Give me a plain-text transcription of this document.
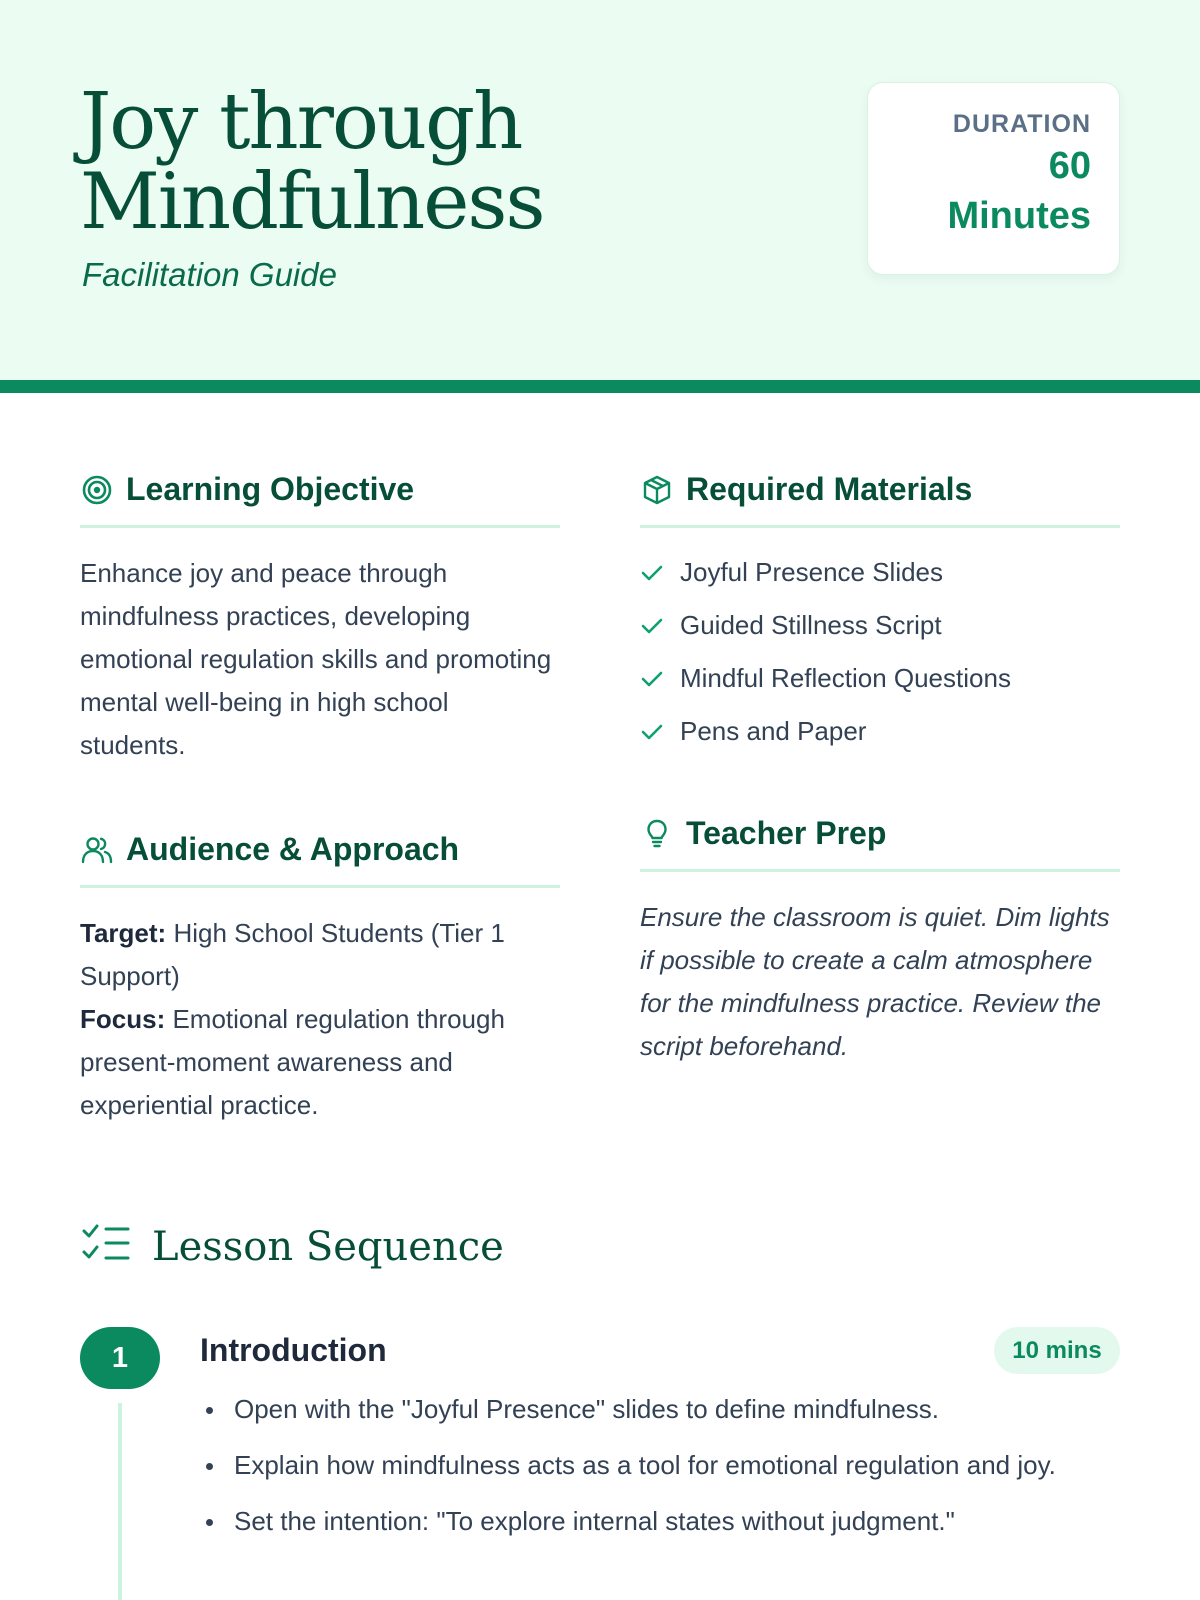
Joy through
Mindfulness
Facilitation Guide
DURATION
60
Minutes
Learning Objective

Enhance joy and peace through mindfulness practices, developing emotional regulation skills and promoting mental well-being in high school students.

Required Materials
Joyful Presence Slides
Guided Stillness Script
Mindful Reflection Questions
Pens and Paper
Audience & Approach

Target: High School Students (Tier 1 Support)
Focus: Emotional regulation through present-moment awareness and experiential practice.

Teacher Prep

Ensure the classroom is quiet. Dim lights if possible to create a calm atmosphere for the mindfulness practice. Review the script beforehand.

Lesson Sequence
1	Introduction	10 mins
Open with the "Joyful Presence" slides to define mindfulness.
Explain how mindfulness acts as a tool for emotional regulation and joy.
Set the intention: "To explore internal states without judgment."
